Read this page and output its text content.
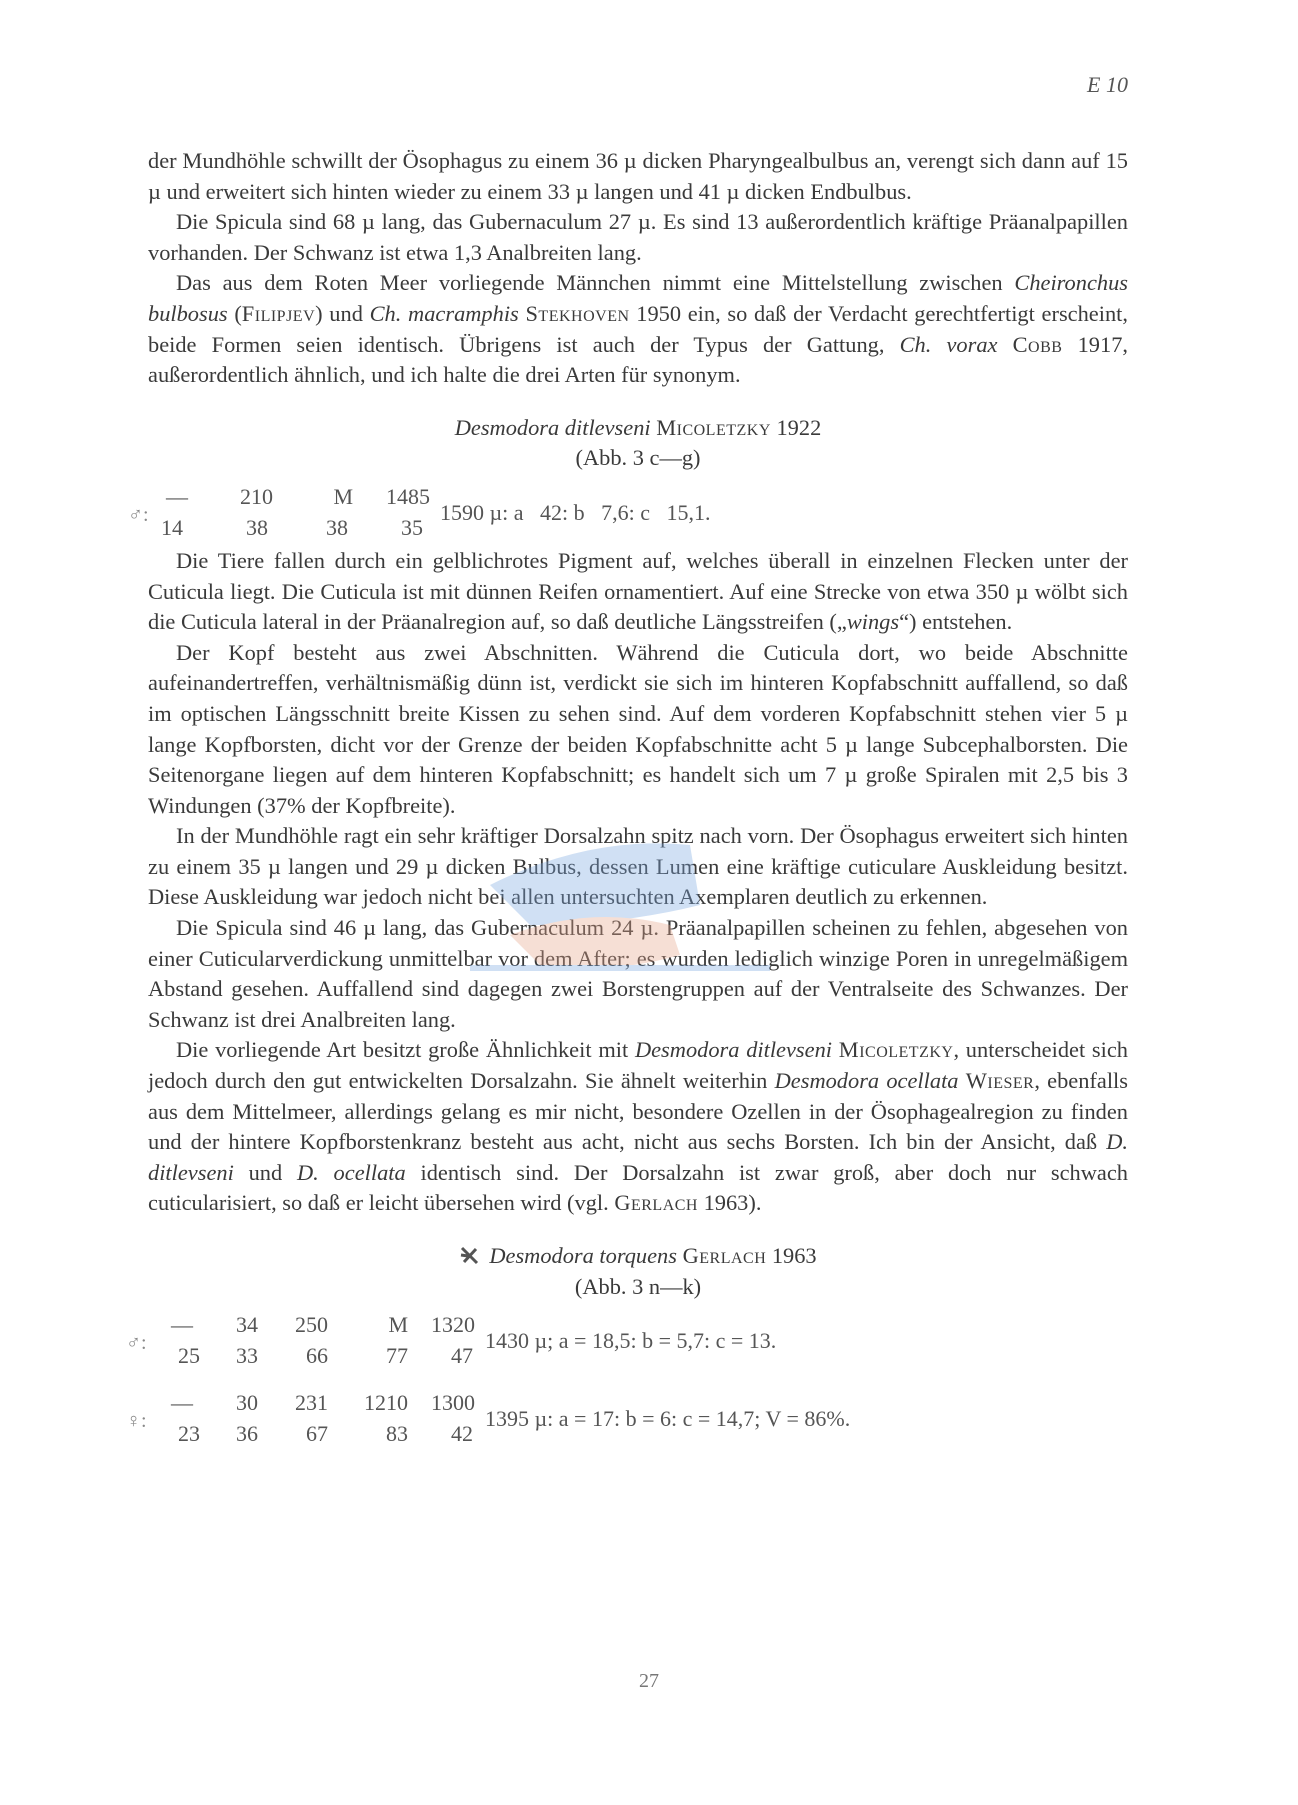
E 10

der Mundhöhle schwillt der Ösophagus zu einem 36 µ dicken Pharyngealbulbus an, verengt sich dann auf 15 µ und erweitert sich hinten wieder zu einem 33 µ langen und 41 µ dicken Endbulbus.

Die Spicula sind 68 µ lang, das Gubernaculum 27 µ. Es sind 13 außerordentlich kräftige Präanalpapillen vorhanden. Der Schwanz ist etwa 1,3 Analbreiten lang.

Das aus dem Roten Meer vorliegende Männchen nimmt eine Mittelstellung zwischen Cheironchus bulbosus (Filipjev) und Ch. macramphis Stekhoven 1950 ein, so daß der Verdacht gerechtfertigt erscheint, beide Formen seien identisch. Übrigens ist auch der Typus der Gattung, Ch. vorax Cobb 1917, außerordentlich ähnlich, und ich halte die drei Arten für synonym.

Desmodora ditlevseni Micoletzky 1922

(Abb. 3 c—g)

♂:
—	210	M	1485
14	38	38	35
1590 µ: a   42: b   7,6: c   15,1.

Die Tiere fallen durch ein gelblichrotes Pigment auf, welches überall in einzelnen Flecken unter der Cuticula liegt. Die Cuticula ist mit dünnen Reifen ornamentiert. Auf eine Strecke von etwa 350 µ wölbt sich die Cuticula lateral in der Präanalregion auf, so daß deutliche Längsstreifen („wings“) entstehen.

Der Kopf besteht aus zwei Abschnitten. Während die Cuticula dort, wo beide Abschnitte aufeinandertreffen, verhältnismäßig dünn ist, verdickt sie sich im hinteren Kopfabschnitt auffallend, so daß im optischen Längsschnitt breite Kissen zu sehen sind. Auf dem vorderen Kopfabschnitt stehen vier 5 µ lange Kopfborsten, dicht vor der Grenze der beiden Kopfabschnitte acht 5 µ lange Subcephalborsten. Die Seitenorgane liegen auf dem hinteren Kopfabschnitt; es handelt sich um 7 µ große Spiralen mit 2,5 bis 3 Windungen (37% der Kopfbreite).

In der Mundhöhle ragt ein sehr kräftiger Dorsalzahn spitz nach vorn. Der Ösophagus erweitert sich hinten zu einem 35 µ langen und 29 µ dicken Bulbus, dessen Lumen eine kräftige cuticulare Auskleidung besitzt. Diese Auskleidung war jedoch nicht bei allen untersuchten Axemplaren deutlich zu erkennen.

Die Spicula sind 46 µ lang, das Gubernaculum 24 µ. Präanalpapillen scheinen zu fehlen, abgesehen von einer Cuticularverdickung unmittelbar vor dem After; es wurden lediglich winzige Poren in unregelmäßigem Abstand gesehen. Auffallend sind dagegen zwei Borstengruppen auf der Ventralseite des Schwanzes. Der Schwanz ist drei Analbreiten lang.

Die vorliegende Art besitzt große Ähnlichkeit mit Desmodora ditlevseni Micoletzky, unterscheidet sich jedoch durch den gut entwickelten Dorsalzahn. Sie ähnelt weiterhin Desmodora ocellata Wieser, ebenfalls aus dem Mittelmeer, allerdings gelang es mir nicht, besondere Ozellen in der Ösophagealregion zu finden und der hintere Kopfborstenkranz besteht aus acht, nicht aus sechs Borsten. Ich bin der Ansicht, daß D. ditlevseni und D. ocellata identisch sind. Der Dorsalzahn ist zwar groß, aber doch nur schwach cuticularisiert, so daß er leicht übersehen wird (vgl. Gerlach 1963).

Desmodora torquens Gerlach 1963

(Abb. 3 n—k)

♂:
—	34	250	M	1320
25	33	66	77	47
1430 µ; a = 18,5: b = 5,7: c = 13.
♀:
—	30	231	1210	1300
23	36	67	83	42
1395 µ: a = 17: b = 6: c = 14,7; V = 86%.
27
